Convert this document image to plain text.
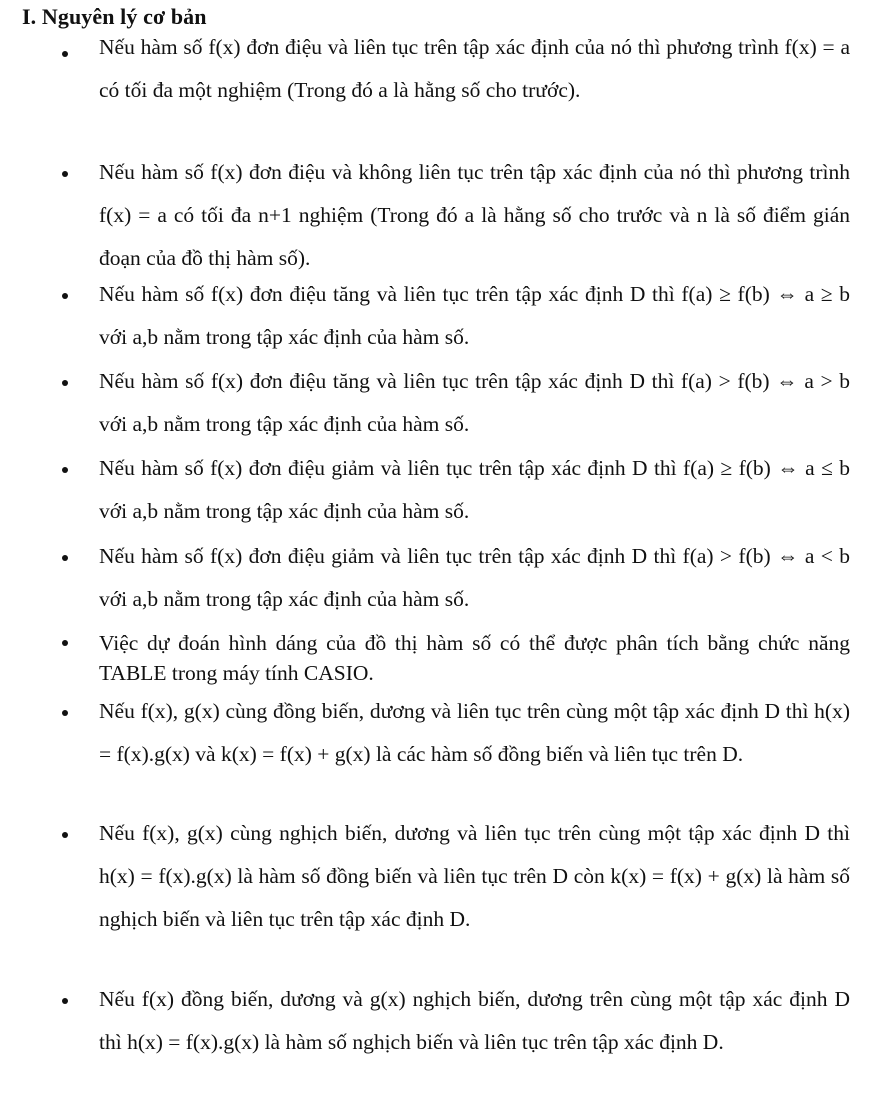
I. Nguyên lý cơ bản

Nếu hàm số f(x) đơn điệu và liên tục trên tập xác định của nó thì phương trình f(x) = a có tối đa một nghiệm (Trong đó a là hằng số cho trước).

Nếu hàm số f(x) đơn điệu và không liên tục trên tập xác định của nó thì phương trình f(x) = a có tối đa n+1 nghiệm (Trong đó a là hằng số cho trước và n là số điểm gián đoạn của đồ thị hàm số).

Nếu hàm số f(x) đơn điệu tăng và liên tục trên tập xác định D thì f(a) ≥ f(b) ⇔ a ≥ b với a,b nằm trong tập xác định của hàm số.

Nếu hàm số f(x) đơn điệu tăng và liên tục trên tập xác định D thì f(a) > f(b) ⇔ a > b với a,b nằm trong tập xác định của hàm số.

Nếu hàm số f(x) đơn điệu giảm và liên tục trên tập xác định D thì f(a) ≥ f(b) ⇔ a ≤ b với a,b nằm trong tập xác định của hàm số.

Nếu hàm số f(x) đơn điệu giảm và liên tục trên tập xác định D thì f(a) > f(b) ⇔ a < b với a,b nằm trong tập xác định của hàm số.

Việc dự đoán hình dáng của đồ thị hàm số có thể được phân tích bằng chức năng TABLE trong máy tính CASIO.

Nếu f(x), g(x) cùng đồng biến, dương và liên tục trên cùng một tập xác định D thì h(x) = f(x).g(x) và k(x) = f(x) + g(x) là các hàm số đồng biến và liên tục trên D.

Nếu f(x), g(x) cùng nghịch biến, dương và liên tục trên cùng một tập xác định D thì h(x) = f(x).g(x) là hàm số đồng biến và liên tục trên D còn k(x) = f(x) + g(x) là hàm số nghịch biến và liên tục trên tập xác định D.

Nếu f(x) đồng biến, dương và g(x) nghịch biến, dương trên cùng một tập xác định D thì h(x) = f(x).g(x) là hàm số nghịch biến và liên tục trên tập xác định D.
